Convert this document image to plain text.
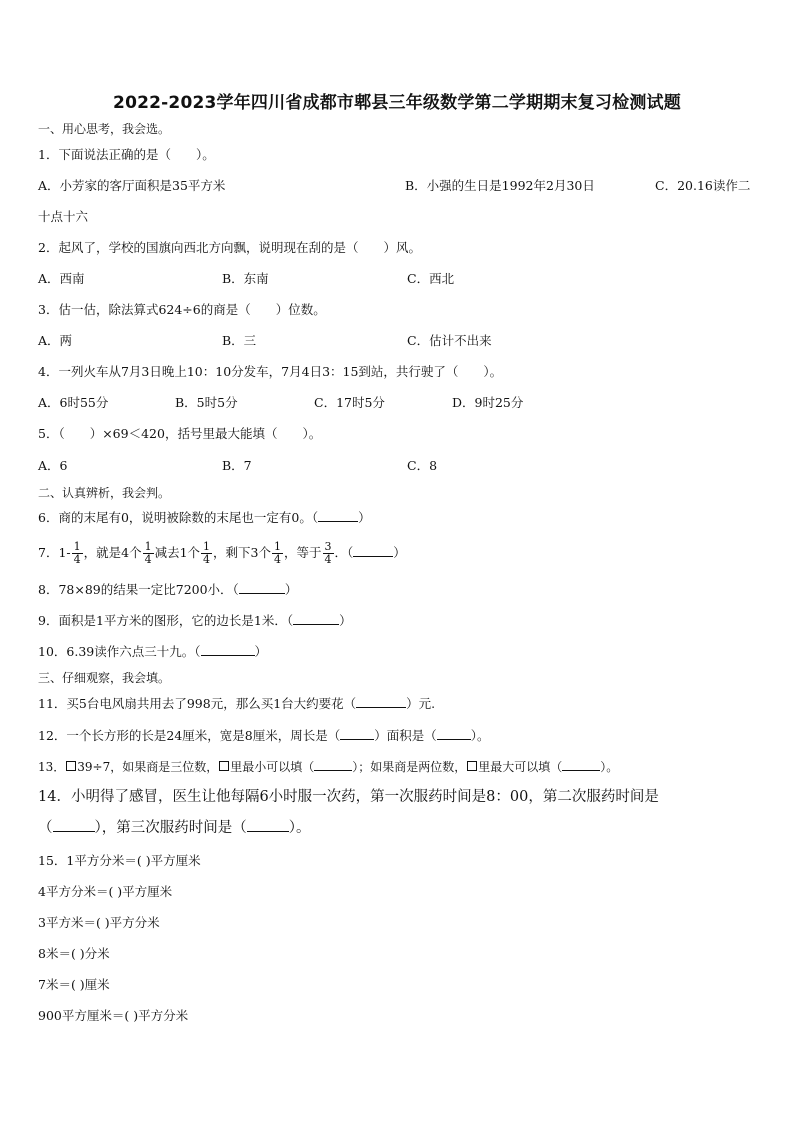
2022-2023学年四川省成都市郫县三年级数学第二学期期末复习检测试题
一、用心思考，我会选。
1．下面说法正确的是（　　）。
A．小芳家的客厅面积是35平方米	B．小强的生日是1992年2月30日	C．20.16读作二
十点十六
2．起风了，学校的国旗向西北方向飘，说明现在刮的是（　　）风。
A．西南	B．东南	C．西北
3．估一估，除法算式624÷6的商是（　　）位数。
A．两	B．三	C．估计不出来
4．一列火车从7月3日晚上10：10分发车，7月4日3：15到站，共行驶了（　　）。
A．6时55分	B．5时5分	C．17时5分	D．9时25分
5．（　　）×69＜420，括号里最大能填（　　）。
A．6	B．7	C．8
二、认真辨析，我会判。
6．商的末尾有0，说明被除数的末尾也一定有0。（	）
7．$1- \frac{1}{4}$ ，就是4个 $\frac{1}{4}$ 减去1个 $\frac{1}{4}$ ，剩下3个 $\frac{1}{4}$ ，等于 $\frac{3}{4}$ ．（	）
8．78×89的结果一定比7200小．（	）
9．面积是1平方米的图形，它的边长是1米．（	）
10．6.39读作六点三十九。（	）
三、仔细观察，我会填。
11．买5台电风扇共用去了998元，那么买1台大约要花（	）元.
12．一个长方形的长是24厘米，宽是8厘米，周长是（	）面积是（	）。
13． 39÷7，如果商是三位数， 里最小可以填（	）；如果商是两位数， 里最大可以填（	）。
14．小明得了感冒，医生让他每隔6小时服一次药，第一次服药时间是8：00，第二次服药时间是
（	），第三次服药时间是（	）。
15．1平方分米＝( )平方厘米
4平方分米＝( )平方厘米
3平方米＝( )平方分米
8米＝( )分米
7米＝( )厘米
900平方厘米＝( )平方分米
